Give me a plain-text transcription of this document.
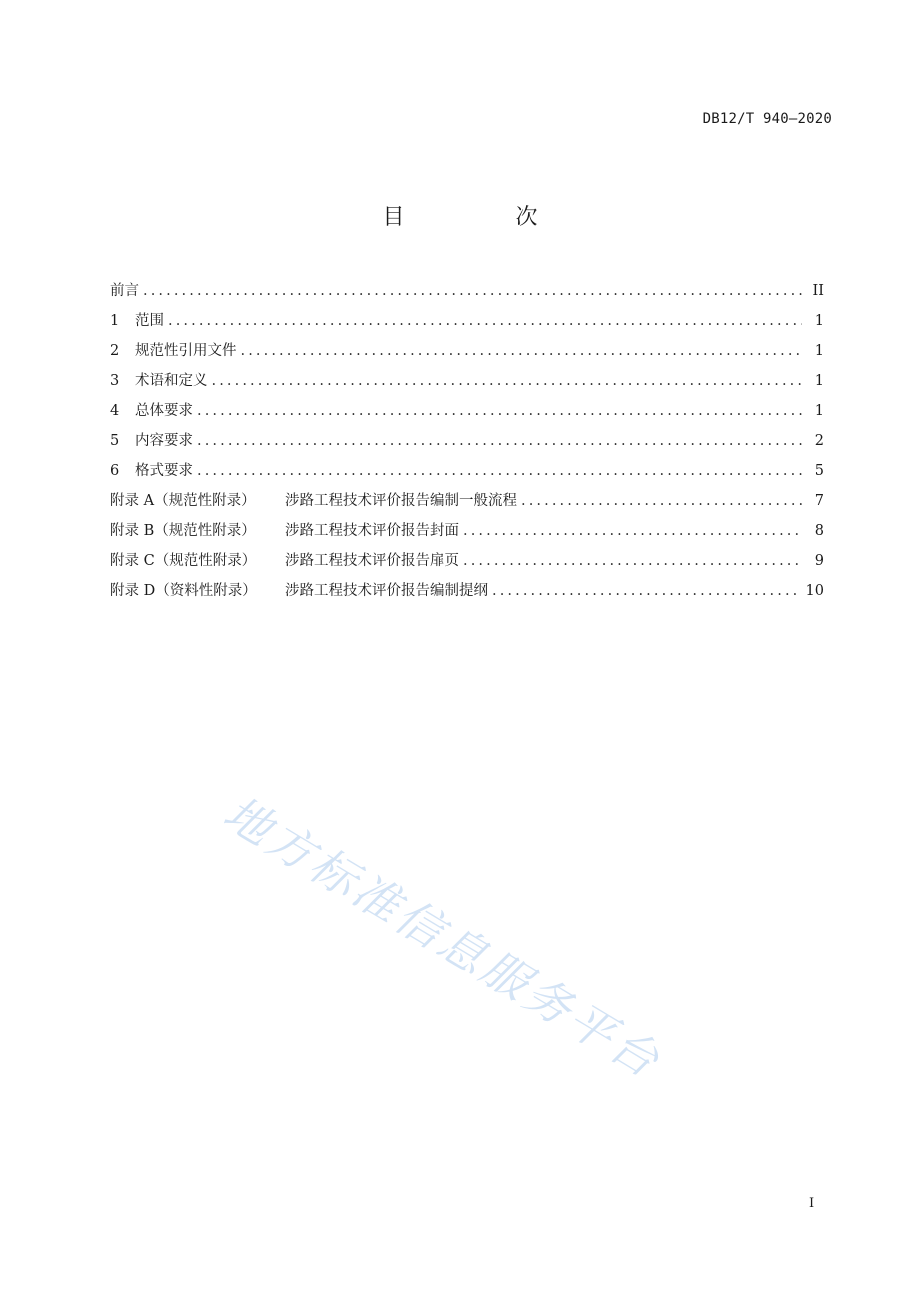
DB12/T 940—2020
目 次
前言 .....	II
1	范围 .....	1
2	规范性引用文件 .....	1
3	术语和定义 .....	1
4	总体要求 .....	1
5	内容要求 .....	2
6	格式要求 .....	5
附录 A（规范性附录）	涉路工程技术评价报告编制一般流程 .....	7
附录 B（规范性附录）	涉路工程技术评价报告封面 .....	8
附录 C（规范性附录）	涉路工程技术评价报告扉页 .....	9
附录 D（资料性附录）	涉路工程技术评价报告编制提纲 .....	10
地方标准信息服务平台
I
